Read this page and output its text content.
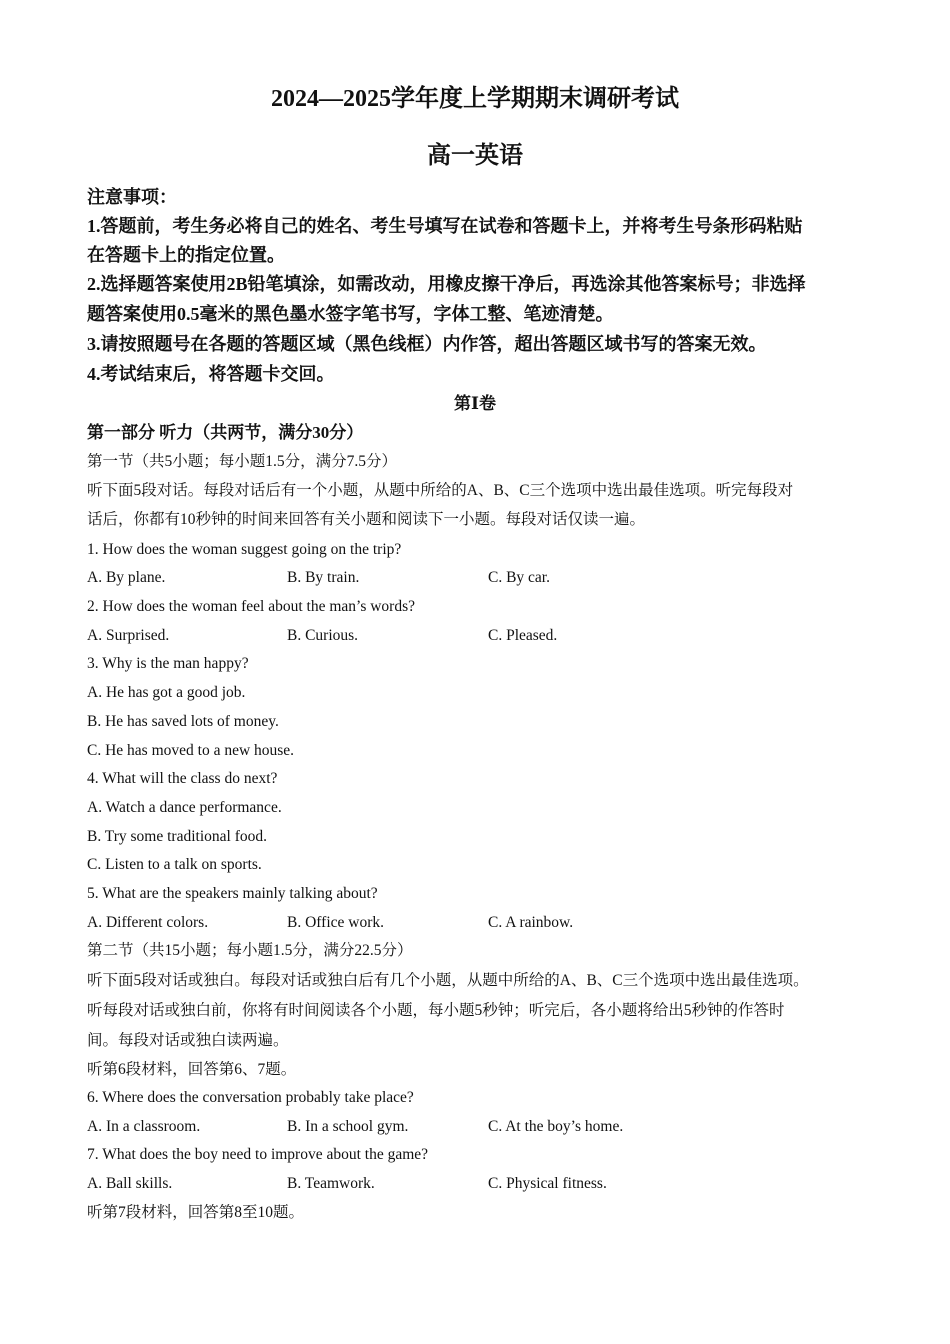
2024—2025学年度上学期期末调研考试
高一英语
注意事项：
1.答题前，考生务必将自己的姓名、考生号填写在试卷和答题卡上，并将考生号条形码粘贴
在答题卡上的指定位置。
2.选择题答案使用2B铅笔填涂，如需改动，用橡皮擦干净后，再选涂其他答案标号；非选择
题答案使用0.5毫米的黑色墨水签字笔书写，字体工整、笔迹清楚。
3.请按照题号在各题的答题区域（黑色线框）内作答，超出答题区域书写的答案无效。
4.考试结束后，将答题卡交回。
第Ⅰ卷
第一部分 听力（共两节，满分30分）
第一节（共5小题；每小题1.5分，满分7.5分）
听下面5段对话。每段对话后有一个小题，从题中所给的A、B、C三个选项中选出最佳选项。听完每段对
话后，你都有10秒钟的时间来回答有关小题和阅读下一小题。每段对话仅读一遍。
1. How does the woman suggest going on the trip?
A. By plane.	B. By train.	C. By car.
2. How does the woman feel about the man’s words?
A. Surprised.	B. Curious.	C. Pleased.
3. Why is the man happy?
A. He has got a good job.
B. He has saved lots of money.
C. He has moved to a new house.
4. What will the class do next?
A. Watch a dance performance.
B. Try some traditional food.
C. Listen to a talk on sports.
5. What are the speakers mainly talking about?
A. Different colors.	B. Office work.	C. A rainbow.
第二节（共15小题；每小题1.5分，满分22.5分）
听下面5段对话或独白。每段对话或独白后有几个小题，从题中所给的A、B、C三个选项中选出最佳选项。
听每段对话或独白前，你将有时间阅读各个小题，每小题5秒钟；听完后，各小题将给出5秒钟的作答时
间。每段对话或独白读两遍。
听第6段材料，回答第6、7题。
6. Where does the conversation probably take place?
A. In a classroom.	B. In a school gym.	C. At the boy’s home.
7. What does the boy need to improve about the game?
A. Ball skills.	B. Teamwork.	C. Physical fitness.
听第7段材料，回答第8至10题。
